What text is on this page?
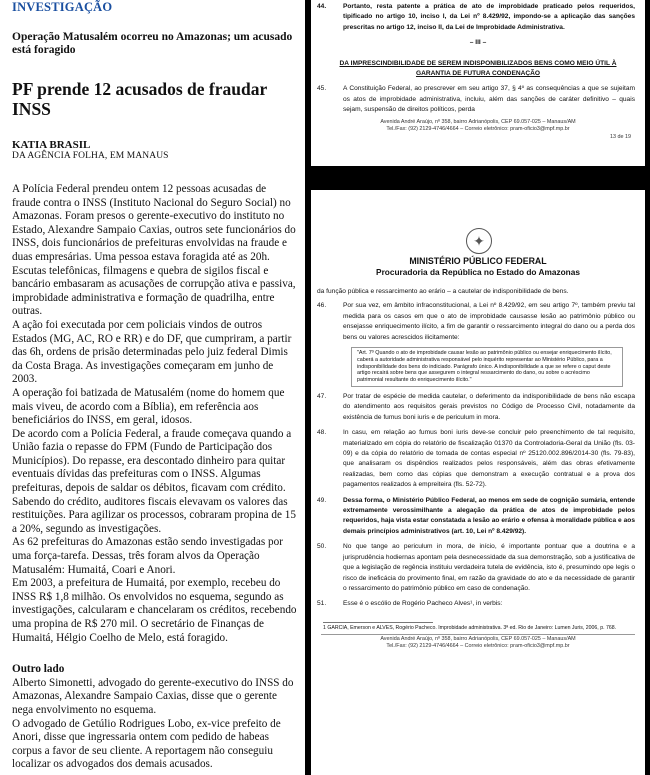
INVESTIGAÇÃO
Operação Matusalém ocorreu no Amazonas; um acusado está foragido
PF prende 12 acusados de fraudar INSS
KATIA BRASIL
DA AGÊNCIA FOLHA, EM MANAUS

A Polícia Federal prendeu ontem 12 pessoas acusadas de fraude contra o INSS (Instituto Nacional do Seguro Social) no Amazonas. Foram presos o gerente-executivo do instituto no Estado, Alexandre Sampaio Caxias, outros sete funcionários do INSS, dois funcionários de prefeituras envolvidas na fraude e duas empresárias. Uma pessoa estava foragida até as 20h.

Escutas telefônicas, filmagens e quebra de sigilos fiscal e bancário embasaram as acusações de corrupção ativa e passiva, improbidade administrativa e formação de quadrilha, entre outras.

A ação foi executada por cem policiais vindos de outros Estados (MG, AC, RO e RR) e do DF, que cumpriram, a partir das 6h, ordens de prisão determinadas pelo juiz federal Dimis da Costa Braga. As investigações começaram em junho de 2003.

A operação foi batizada de Matusalém (nome do homem que mais viveu, de acordo com a Bíblia), em referência aos beneficiários do INSS, em geral, idosos.

De acordo com a Polícia Federal, a fraude começava quando a União fazia o repasse do FPM (Fundo de Participação dos Municípios). Do repasse, era descontado dinheiro para quitar eventuais dívidas das prefeituras com o INSS. Algumas prefeituras, depois de saldar os débitos, ficavam com crédito. Sabendo do crédito, auditores fiscais elevavam os valores das restituições. Para agilizar os processos, cobraram propina de 15 a 20%, segundo as investigações.

As 62 prefeituras do Amazonas estão sendo investigadas por uma força-tarefa. Dessas, três foram alvos da Operação Matusalém: Humaitá, Coari e Anori.

Em 2003, a prefeitura de Humaitá, por exemplo, recebeu do INSS R$ 1,8 milhão. Os envolvidos no esquema, segundo as investigações, calcularam e chancelaram os créditos, recebendo uma propina de R$ 270 mil. O secretário de Finanças de Humaitá, Hélgio Coelho de Melo, está foragido.

Outro lado

Alberto Simonetti, advogado do gerente-executivo do INSS do Amazonas, Alexandre Sampaio Caxias, disse que o gerente nega envolvimento no esquema.

O advogado de Getúlio Rodrigues Lobo, ex-vice prefeito de Anori, disse que ingressaria ontem com pedido de habeas corpus a favor de seu cliente. A reportagem não conseguiu localizar os advogados dos demais acusados.

44.	Portanto, resta patente a prática de ato de improbidade praticado pelos requeridos, tipificado no artigo 10, inciso I, da Lei nº 8.429/92, impondo-se a aplicação das sanções prescritas no artigo 12, inciso II, da Lei de Improbidade Administrativa.
– III –
DA IMPRESCINDIBILIDADE DE SEREM INDISPONIBILIZADOS BENS COMO MEIO ÚTIL À GARANTIA DE FUTURA CONDENAÇÃO
45.	A Constituição Federal, ao prescrever em seu artigo 37, § 4º as consequências a que se sujeitam os atos de improbidade administrativa, incluiu, além das sanções de caráter definitivo – quais sejam, suspensão de direitos políticos, perda
Avenida André Araújo, nº 358, bairro Adrianópolis, CEP 69.057-025 – Manaus/AM
Tel./Fax: (92) 2129-4746/4664 – Correio eletrônico: pram-oficio3@mpf.mp.br
13 de 19
✦
MINISTÉRIO PÚBLICO FEDERAL
Procuradoria da República no Estado do Amazonas
da função pública e ressarcimento ao erário – a cautelar de indisponibilidade de bens.
46.	Por sua vez, em âmbito infraconstitucional, a Lei nº 8.429/92, em seu artigo 7º, também previu tal medida para os casos em que o ato de improbidade causasse lesão ao patrimônio público ou ensejasse enriquecimento ilícito, a fim de garantir o ressarcimento integral do dano ou a perda dos bens ou valores acrescidos ilicitamente:
"Art. 7º Quando o ato de improbidade causar lesão ao patrimônio público ou ensejar enriquecimento ilícito, caberá a autoridade administrativa responsável pelo inquérito representar ao Ministério Público, para a indisponibilidade dos bens do indiciado. Parágrafo único. A indisponibilidade a que se refere o caput deste artigo recairá sobre bens que assegurem o integral ressarcimento do dano, ou sobre o acréscimo patrimonial resultante do enriquecimento ilícito."
47.	Por tratar de espécie de medida cautelar, o deferimento da indisponibilidade de bens não escapa do atendimento aos requisitos gerais previstos no Código de Processo Civil, notadamente da existência de fumus boni iuris e de periculum in mora.
48.	In casu, em relação ao fumus boni iuris deve-se concluir pelo preenchimento de tal requisito, materializado em cópia do relatório de fiscalização 01370 da Controladoria-Geral da União (fls. 03-09) e da cópia do relatório de tomada de contas especial nº 25120.002.896/2014-30 (fls. 79-83), que analisaram os dispêndios realizados pelos responsáveis, além das obras efetivamente realizadas, bem como das cópias que demonstram a execução contratual e a prova dos pagamentos realizados à empreiteira (fls. 52-72).
49.	Dessa forma, o Ministério Público Federal, ao menos em sede de cognição sumária, entende extremamente verossimilhante a alegação da prática de atos de improbidade pelos requeridos, haja vista estar constatada a lesão ao erário e ofensa à moralidade pública e aos demais princípios administrativos (art. 10, Lei nº 8.429/92).
50.	No que tange ao periculum in mora, de início, é importante pontuar que a doutrina e a jurisprudência hodiernas apontam pela desnecessidade da sua demonstração, sob a justificativa de que a legislação de regência instituiu verdadeira tutela de evidência, isto é, presumindo ope legis o risco de ineficácia do provimento final, em razão da gravidade do ato e da necessidade de garantir o ressarcimento do patrimônio público em caso de condenação.
51.	Esse é o escólio de Rogério Pacheco Alves¹, in verbis:
1 GARCIA, Emerson e ALVES, Rogério Pacheco. Improbidade administrativa. 3ª ed. Rio de Janeiro: Lumen Juris, 2006, p. 768.
Avenida André Araújo, nº 358, bairro Adrianópolis, CEP 69.057-025 – Manaus/AM
Tel./Fax: (92) 2129-4746/4664 – Correio eletrônico: pram-oficio3@mpf.mp.br
